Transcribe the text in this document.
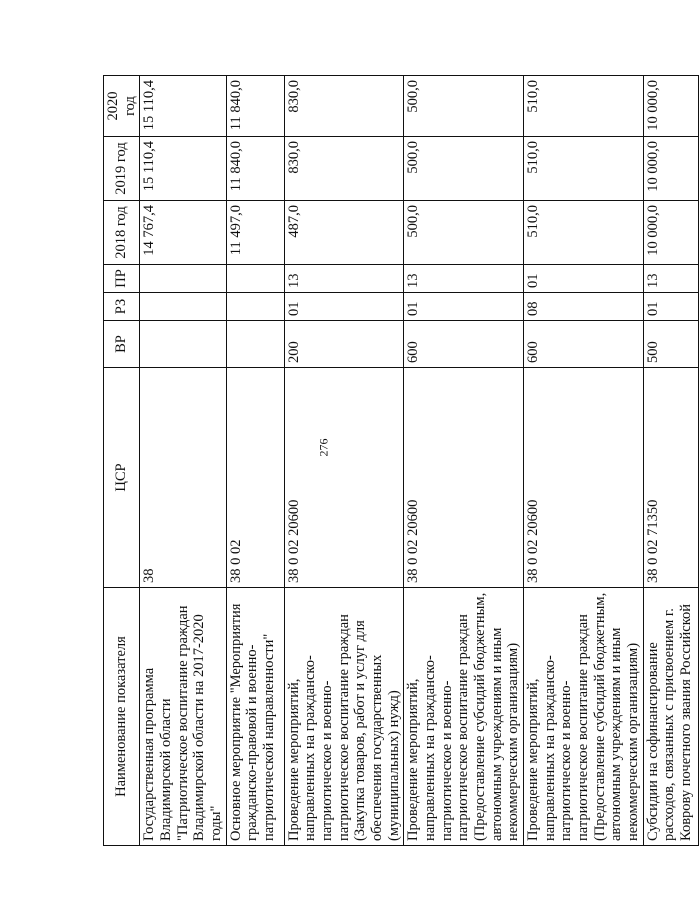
276
Наименование показателя	ЦСР	ВР	РЗ	ПР	2018 год	2019 год	2020 год
Государственная программа Владимирской области "Патриотическое воспитание граждан Владимирской области на 2017-2020 годы"	38				14 767,4	15 110,4	15 110,4
Основное мероприятие "Мероприятия гражданско-правовой и военно-патриотической направленности"	38 0 02				11 497,0	11 840,0	11 840,0
Проведение мероприятий, направленных на гражданско-патриотическое и военно-патриотическое воспитание граждан (Закупка товаров, работ и услуг для обеспечения государственных (муниципальных) нужд)	38 0 02 20600	200	01	13	487,0	830,0	830,0
Проведение мероприятий, направленных на гражданско-патриотическое и военно-патриотическое воспитание граждан (Предоставление субсидий бюджетным, автономным учреждениям и иным некоммерческим организациям)	38 0 02 20600	600	01	13	500,0	500,0	500,0
Проведение мероприятий, направленных на гражданско-патриотическое и военно-патриотическое воспитание граждан (Предоставление субсидий бюджетным, автономным учреждениям и иным некоммерческим организациям)	38 0 02 20600	600	08	01	510,0	510,0	510,0
Субсидии на софинансирование расходов, связанных с присвоением г. Коврову почетного звания Российской	38 0 02 71350	500	01	13	10 000,0	10 000,0	10 000,0
